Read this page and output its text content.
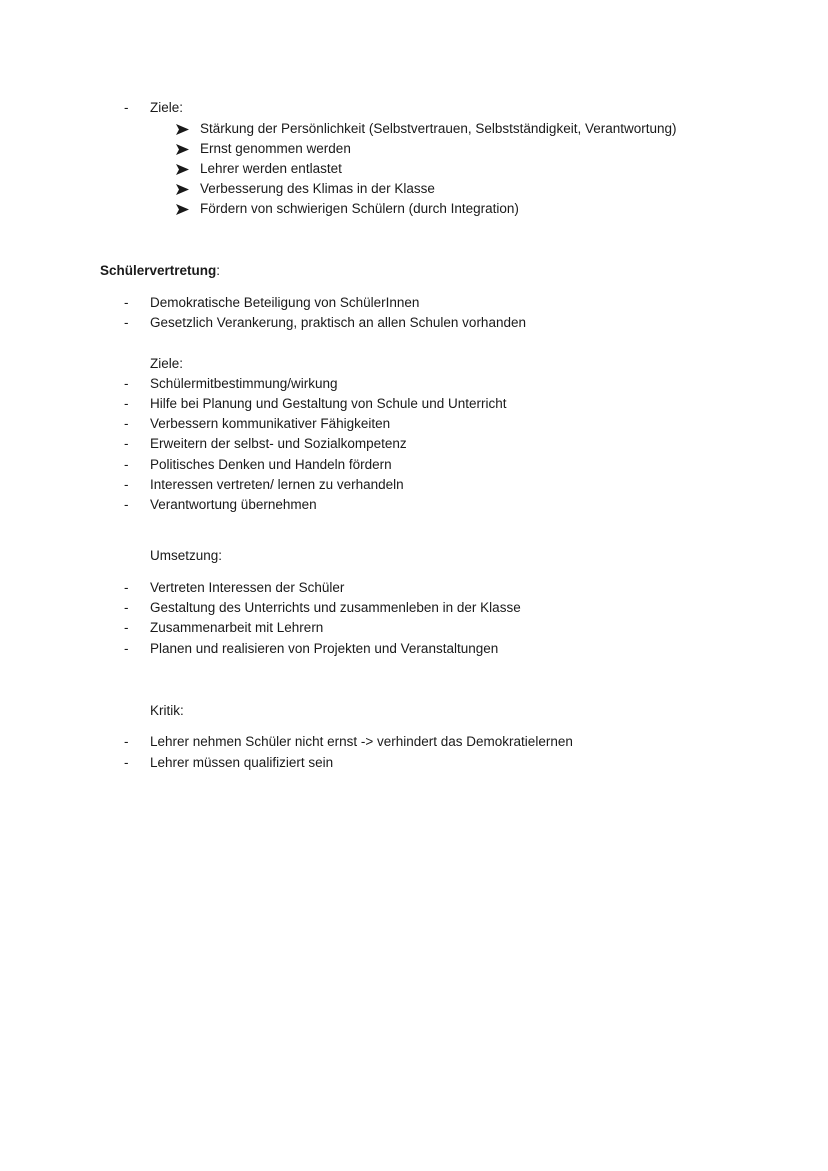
-	Ziele:
Stärkung der Persönlichkeit (Selbstvertrauen, Selbstständigkeit, Verantwortung)
Ernst genommen werden
Lehrer werden entlastet
Verbesserung des Klimas in der Klasse
Fördern von schwierigen Schülern (durch Integration)
Schülervertretung:
-	Demokratische Beteiligung von SchülerInnen
-	Gesetzlich Verankerung, praktisch an allen Schulen vorhanden
Ziele:
-	Schülermitbestimmung/wirkung
-	Hilfe bei Planung und Gestaltung von Schule und Unterricht
-	Verbessern kommunikativer Fähigkeiten
-	Erweitern der selbst- und Sozialkompetenz
-	Politisches Denken und Handeln fördern
-	Interessen vertreten/ lernen zu verhandeln
-	Verantwortung übernehmen
Umsetzung:
-	Vertreten Interessen der Schüler
-	Gestaltung des Unterrichts und zusammenleben in der Klasse
-	Zusammenarbeit mit Lehrern
-	Planen und realisieren von Projekten und Veranstaltungen
Kritik:
-	Lehrer nehmen Schüler nicht ernst -> verhindert das Demokratielernen
-	Lehrer müssen qualifiziert sein
